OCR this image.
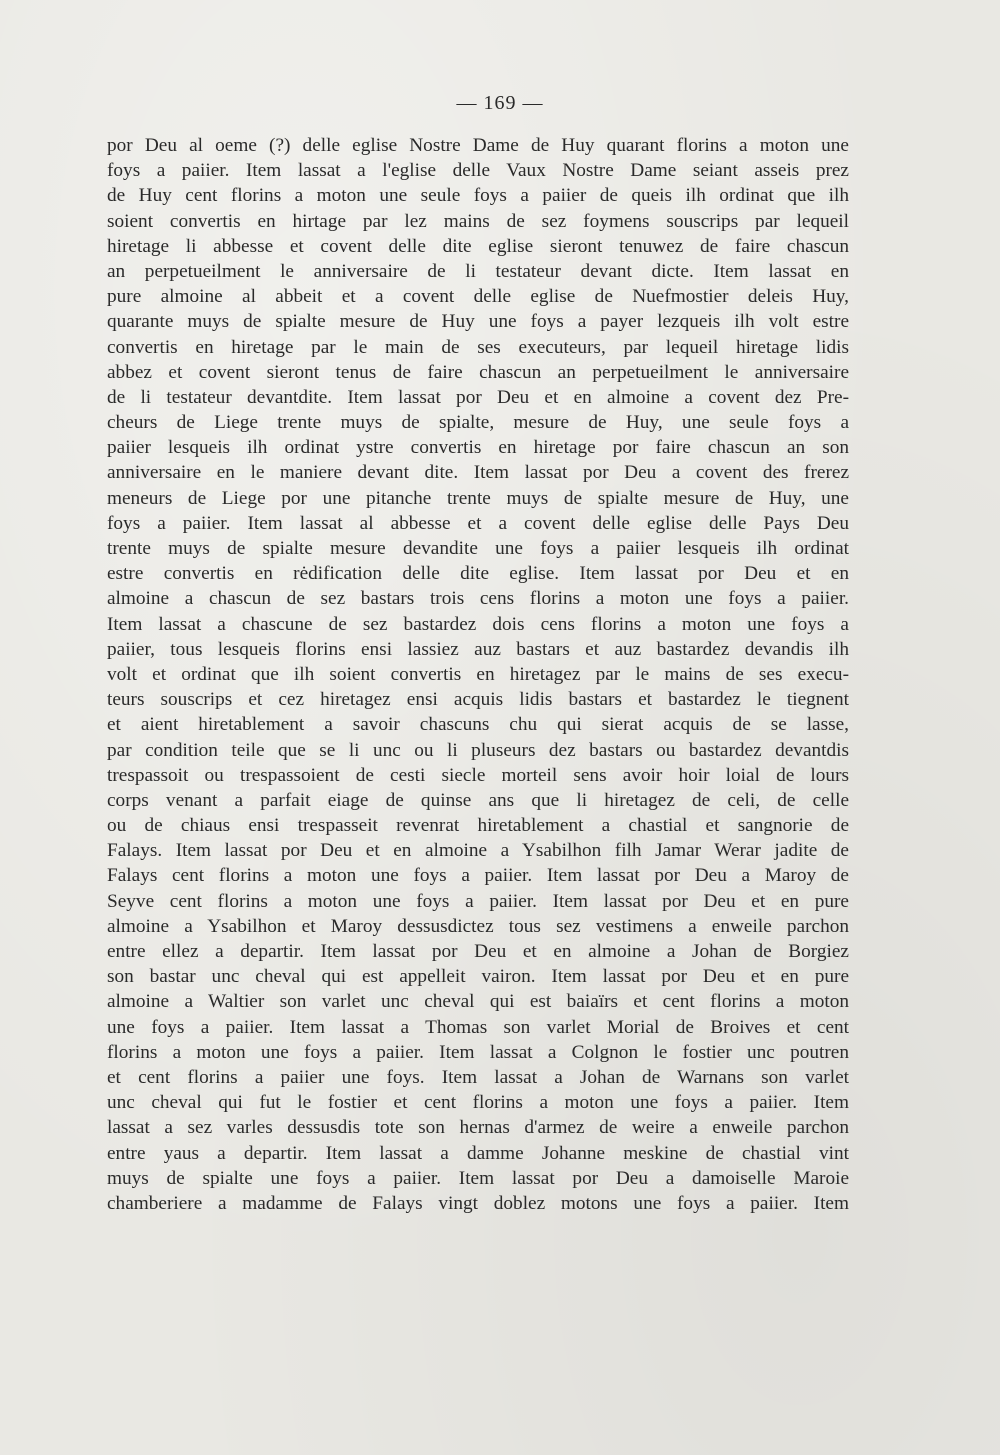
— 169 —
por Deu al oeme (?) delle eglise Nostre Dame de Huy quarant florins a moton une
foys a paiier. Item lassat a l'eglise delle Vaux Nostre Dame seiant asseis prez
de Huy cent florins a moton une seule foys a paiier de queis ilh ordinat que ilh
soient convertis en hirtage par lez mains de sez foymens souscrips par lequeil
hiretage li abbesse et covent delle dite eglise sieront tenuwez de faire chascun
an perpetueilment le anniversaire de li testateur devant dicte. Item lassat en
pure almoine al abbeit et a covent delle eglise de Nuefmostier deleis Huy,
quarante muys de spialte mesure de Huy une foys a payer lezqueis ilh volt estre
convertis en hiretage par le main de ses executeurs, par lequeil hiretage lidis
abbez et covent sieront tenus de faire chascun an perpetueilment le anniversaire
de li testateur devantdite. Item lassat por Deu et en almoine a covent dez Pre-
cheurs de Liege trente muys de spialte, mesure de Huy, une seule foys a
paiier lesqueis ilh ordinat ystre convertis en hiretage por faire chascun an son
anniversaire en le maniere devant dite. Item lassat por Deu a covent des frerez
meneurs de Liege por une pitanche trente muys de spialte mesure de Huy, une
foys a paiier. Item lassat al abbesse et a covent delle eglise delle Pays Deu
trente muys de spialte mesure devandite une foys a paiier lesqueis ilh ordinat
estre convertis en rėdification delle dite eglise. Item lassat por Deu et en
almoine a chascun de sez bastars trois cens florins a moton une foys a paiier.
Item lassat a chascune de sez bastardez dois cens florins a moton une foys a
paiier, tous lesqueis florins ensi lassiez auz bastars et auz bastardez devandis ilh
volt et ordinat que ilh soient convertis en hiretagez par le mains de ses execu-
teurs souscrips et cez hiretagez ensi acquis lidis bastars et bastardez le tiegnent
et aient hiretablement a savoir chascuns chu qui sierat acquis de se lasse,
par condition teile que se li unc ou li pluseurs dez bastars ou bastardez devantdis
trespassoit ou trespassoient de cesti siecle morteil sens avoir hoir loial de lours
corps venant a parfait eiage de quinse ans que li hiretagez de celi, de celle
ou de chiaus ensi trespasseit revenrat hiretablement a chastial et sangnorie de
Falays. Item lassat por Deu et en almoine a Ysabilhon filh Jamar Werar jadite de
Falays cent florins a moton une foys a paiier. Item lassat por Deu a Maroy de
Seyve cent florins a moton une foys a paiier. Item lassat por Deu et en pure
almoine a Ysabilhon et Maroy dessusdictez tous sez vestimens a enweile parchon
entre ellez a departir. Item lassat por Deu et en almoine a Johan de Borgiez
son bastar unc cheval qui est appelleit vairon. Item lassat por Deu et en pure
almoine a Waltier son varlet unc cheval qui est baiaïrs et cent florins a moton
une foys a paiier. Item lassat a Thomas son varlet Morial de Broives et cent
florins a moton une foys a paiier. Item lassat a Colgnon le fostier unc poutren
et cent florins a paiier une foys. Item lassat a Johan de Warnans son varlet
unc cheval qui fut le fostier et cent florins a moton une foys a paiier. Item
lassat a sez varles dessusdis tote son hernas d'armez de weire a enweile parchon
entre yaus a departir. Item lassat a damme Johanne meskine de chastial vint
muys de spialte une foys a paiier. Item lassat por Deu a damoiselle Maroie
chamberiere a madamme de Falays vingt doblez motons une foys a paiier. Item
